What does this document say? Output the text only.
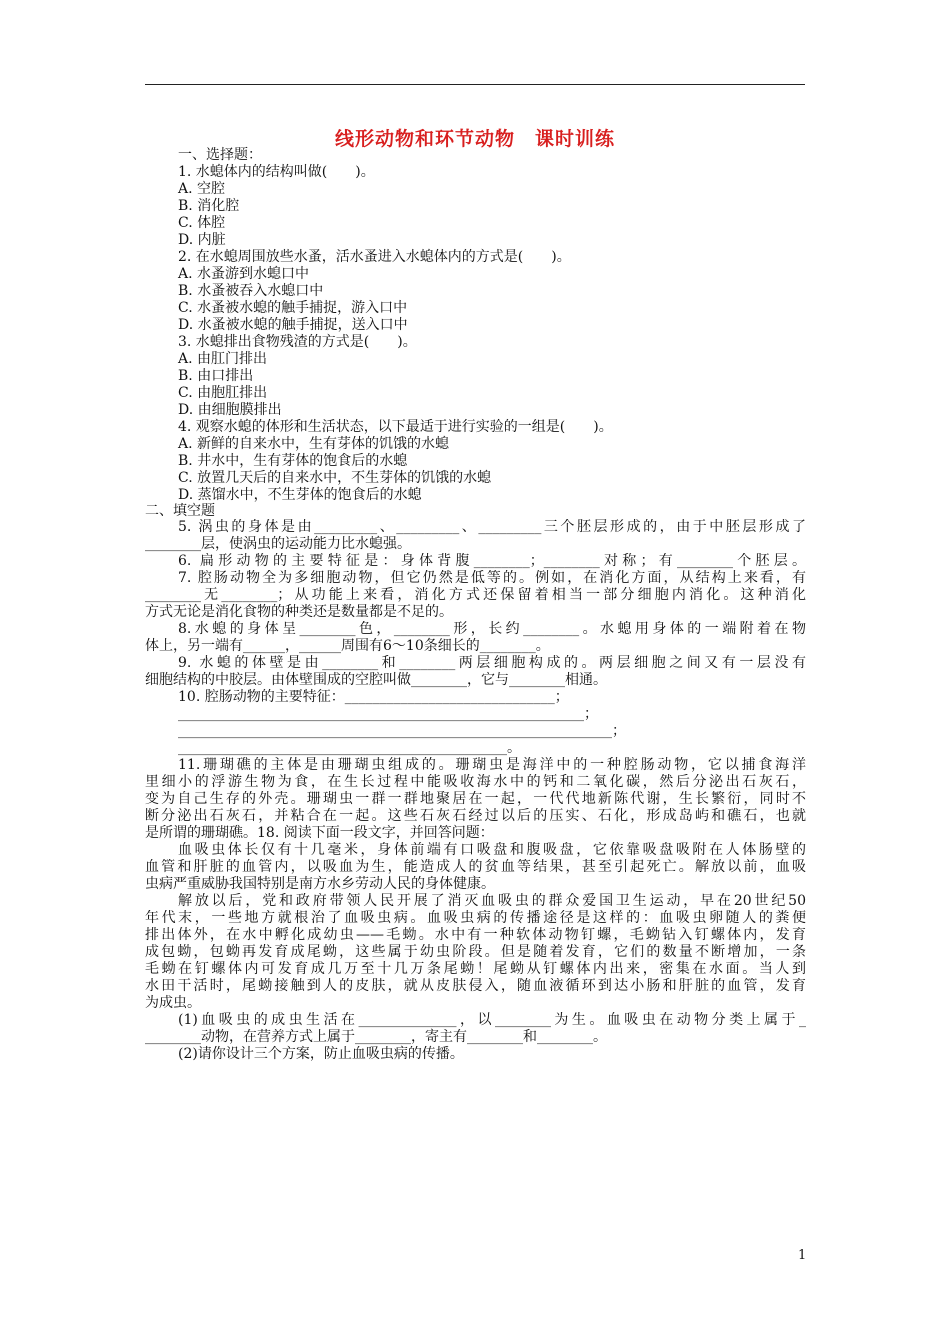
线形动物和环节动物　课时训练
一、选择题：
1. 水螅体内的结构叫做(　　)。
A. 空腔
B. 消化腔
C. 体腔
D. 内脏
2. 在水螅周围放些水蚤，活水蚤进入水螅体内的方式是(　　)。
A. 水蚤游到水螅口中
B. 水蚤被吞入水螅口中
C. 水蚤被水螅的触手捕捉，游入口中
D. 水蚤被水螅的触手捕捉，送入口中
3. 水螅排出食物残渣的方式是(　　)。
A. 由肛门排出
B. 由口排出
C. 由胞肛排出
D. 由细胞膜排出
4. 观察水螅的体形和生活状态，以下最适于进行实验的一组是(　　)。
A. 新鲜的自来水中，生有芽体的饥饿的水螅
B. 井水中，生有芽体的饱食后的水螅
C. 放置几天后的自来水中，不生芽体的饥饿的水螅
D. 蒸馏水中，不生芽体的饱食后的水螅
二、填空题
5. 涡虫的身体是由_________、_________、_________三个胚层形成的，由于中胚层形成了
________层，使涡虫的运动能力比水螅强。
6. 扁形动物的主要特征是：身体背腹________；________对称；有________个胚层。
7. 腔肠动物全为多细胞动物，但它仍然是低等的。例如，在消化方面，从结构上来看，有
________无________；从功能上来看，消化方式还保留着相当一部分细胞内消化。这种消化
方式无论是消化食物的种类还是数量都是不足的。
8.水螅的身体呈________色，________形，长约________。水螅用身体的一端附着在物
体上，另一端有______，______周围有6～10条细长的________。
9. 水螅的体壁是由________和________两层细胞构成的。两层细胞之间又有一层没有
细胞结构的中胶层。由体壁围成的空腔叫做________，它与________相通。
10. 腔肠动物的主要特征：______________________________；
__________________________________________________________；
______________________________________________________________；
_______________________________________________。
11.珊瑚礁的主体是由珊瑚虫组成的。珊瑚虫是海洋中的一种腔肠动物，它以捕食海洋
里细小的浮游生物为食，在生长过程中能吸收海水中的钙和二氧化碳，然后分泌出石灰石，
变为自己生存的外壳。珊瑚虫一群一群地聚居在一起，一代代地新陈代谢，生长繁衍，同时不
断分泌出石灰石，并粘合在一起。这些石灰石经过以后的压实、石化，形成岛屿和礁石，也就
是所谓的珊瑚礁。18. 阅读下面一段文字，并回答问题：
血吸虫体长仅有十几毫米，身体前端有口吸盘和腹吸盘，它依靠吸盘吸附在人体肠壁的
血管和肝脏的血管内，以吸血为生，能造成人的贫血等结果，甚至引起死亡。解放以前，血吸
虫病严重威胁我国特别是南方水乡劳动人民的身体健康。
解放以后，党和政府带领人民开展了消灭血吸虫的群众爱国卫生运动，早在20世纪50
年代末，一些地方就根治了血吸虫病。血吸虫病的传播途径是这样的：血吸虫卵随人的粪便
排出体外，在水中孵化成幼虫——毛蚴。水中有一种软体动物钉螺，毛蚴钻入钉螺体内，发育
成包蚴，包蚴再发育成尾蚴，这些属于幼虫阶段。但是随着发育，它们的数量不断增加，一条
毛蚴在钉螺体内可发育成几万至十几万条尾蚴！尾蚴从钉螺体内出来，密集在水面。当人到
水田干活时，尾蚴接触到人的皮肤，就从皮肤侵入，随血液循环到达小肠和肝脏的血管，发育
为成虫。
(1)血吸虫的成虫生活在______________，以________为生。血吸虫在动物分类上属于_
________动物，在营养方式上属于________，寄主有________和________。
(2)请你设计三个方案，防止血吸虫病的传播。
1
